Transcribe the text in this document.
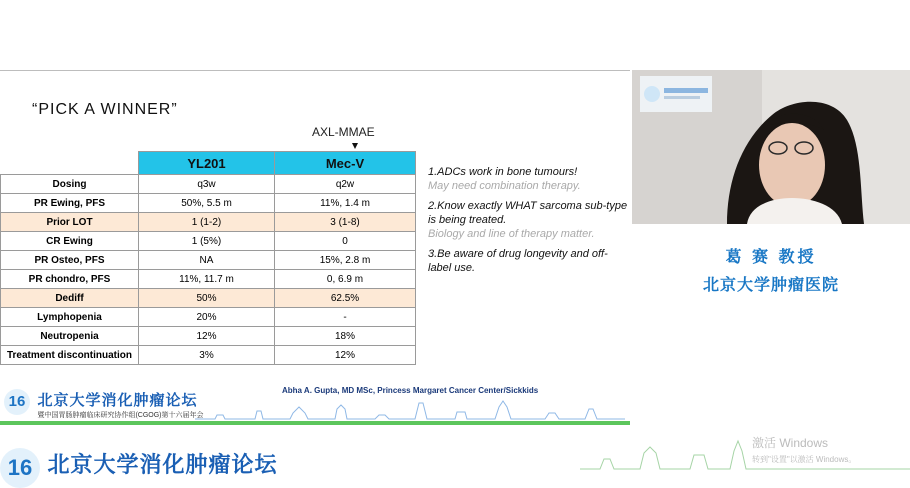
“PICK A WINNER”
AXL-MMAE
	YL201	Mec-V
Dosing	q3w	q2w
PR Ewing, PFS	50%, 5.5 m	11%, 1.4 m
Prior LOT	1 (1-2)	3 (1-8)
CR Ewing	1 (5%)	0
PR Osteo, PFS	NA	15%, 2.8 m
PR chondro, PFS	11%, 11.7 m	0, 6.9 m
Dediff	50%	62.5%
Lymphopenia	20%	-
Neutropenia	12%	18%
Treatment discontinuation	3%	12%

1.ADCs work in bone tumours!
May need combination therapy.

2.Know exactly WHAT sarcoma sub-type is being treated.
Biology and line of therapy matter.

3.Be aware of drug longevity and off-label use.

16 北京大学消化肿瘤论坛
暨中国胃肠肿瘤临床研究协作组(CGOG)第十六届年会
Abha A. Gupta, MD MSc, Princess Margaret Cancer Center/Sickkids
葛 赛 教授
北京大学肿瘤医院
16 北京大学消化肿瘤论坛
激活 Windows
转到"设置"以激活 Windows。
